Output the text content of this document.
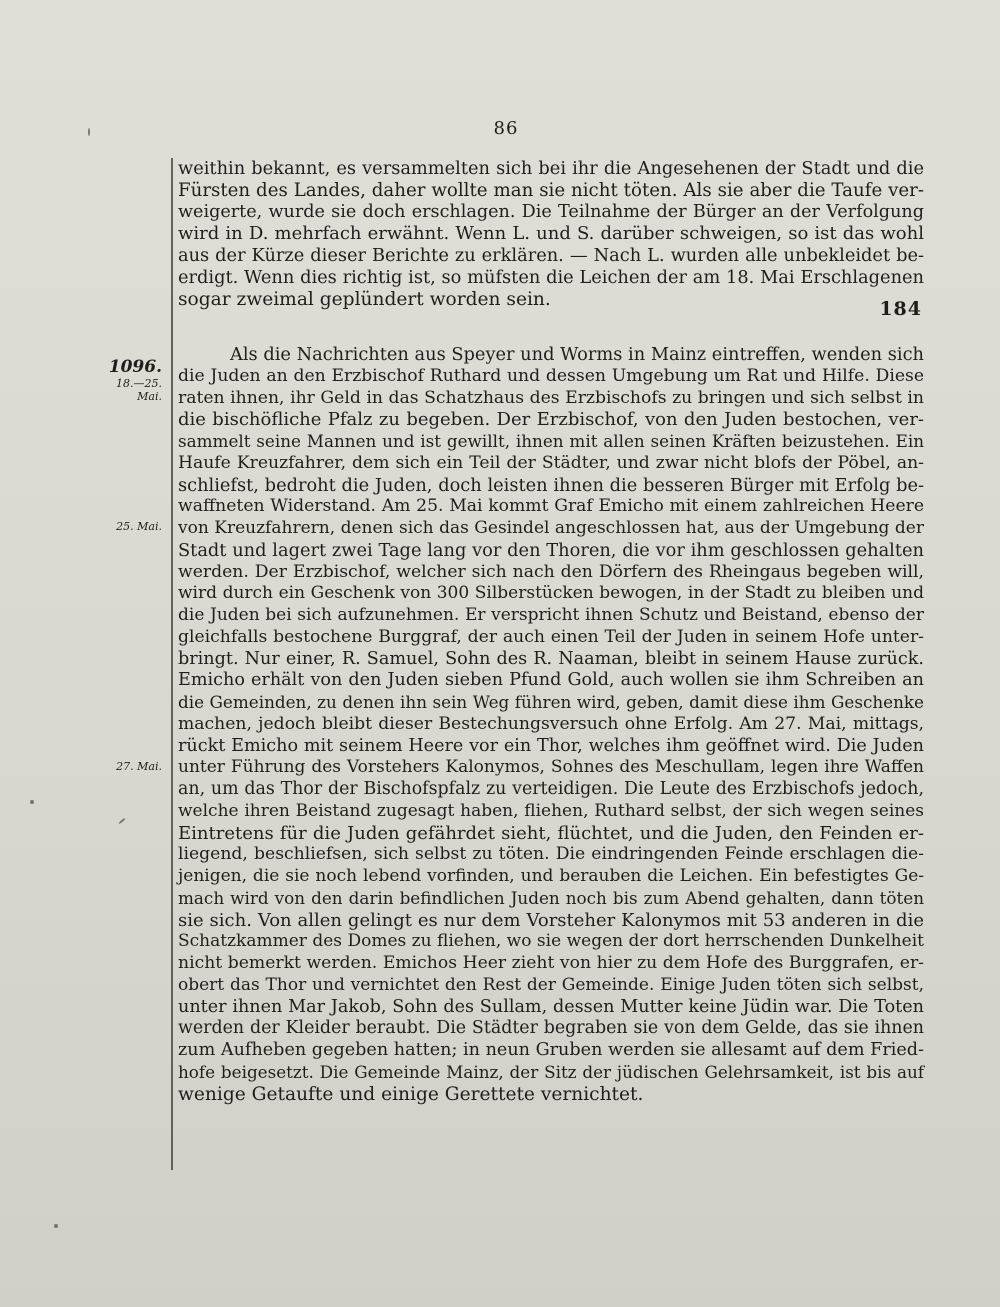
86
184
1096.
18.—25.
Mai.
25. Mai.
27. Mai.
weithin bekannt, es versammelten sich bei ihr die Angesehenen der Stadt und die
Fürsten des Landes, daher wollte man sie nicht töten. Als sie aber die Taufe ver-
weigerte, wurde sie doch erschlagen. Die Teilnahme der Bürger an der Verfolgung
wird in D. mehrfach erwähnt. Wenn L. und S. darüber schweigen, so ist das wohl
aus der Kürze dieser Berichte zu erklären. — Nach L. wurden alle unbekleidet be-
erdigt. Wenn dies richtig ist, so müfsten die Leichen der am 18. Mai Erschlagenen
sogar zweimal geplündert worden sein.
Als die Nachrichten aus Speyer und Worms in Mainz eintreffen, wenden sich
die Juden an den Erzbischof Ruthard und dessen Umgebung um Rat und Hilfe. Diese
raten ihnen, ihr Geld in das Schatzhaus des Erzbischofs zu bringen und sich selbst in
die bischöfliche Pfalz zu begeben. Der Erzbischof, von den Juden bestochen, ver-
sammelt seine Mannen und ist gewillt, ihnen mit allen seinen Kräften beizustehen. Ein
Haufe Kreuzfahrer, dem sich ein Teil der Städter, und zwar nicht blofs der Pöbel, an-
schliefst, bedroht die Juden, doch leisten ihnen die besseren Bürger mit Erfolg be-
waffneten Widerstand. Am 25. Mai kommt Graf Emicho mit einem zahlreichen Heere
von Kreuzfahrern, denen sich das Gesindel angeschlossen hat, aus der Umgebung der
Stadt und lagert zwei Tage lang vor den Thoren, die vor ihm geschlossen gehalten
werden. Der Erzbischof, welcher sich nach den Dörfern des Rheingaus begeben will,
wird durch ein Geschenk von 300 Silberstücken bewogen, in der Stadt zu bleiben und
die Juden bei sich aufzunehmen. Er verspricht ihnen Schutz und Beistand, ebenso der
gleichfalls bestochene Burggraf, der auch einen Teil der Juden in seinem Hofe unter-
bringt. Nur einer, R. Samuel, Sohn des R. Naaman, bleibt in seinem Hause zurück.
Emicho erhält von den Juden sieben Pfund Gold, auch wollen sie ihm Schreiben an
die Gemeinden, zu denen ihn sein Weg führen wird, geben, damit diese ihm Geschenke
machen, jedoch bleibt dieser Bestechungsversuch ohne Erfolg. Am 27. Mai, mittags,
rückt Emicho mit seinem Heere vor ein Thor, welches ihm geöffnet wird. Die Juden
unter Führung des Vorstehers Kalonymos, Sohnes des Meschullam, legen ihre Waffen
an, um das Thor der Bischofspfalz zu verteidigen. Die Leute des Erzbischofs jedoch,
welche ihren Beistand zugesagt haben, fliehen, Ruthard selbst, der sich wegen seines
Eintretens für die Juden gefährdet sieht, flüchtet, und die Juden, den Feinden er-
liegend, beschliefsen, sich selbst zu töten. Die eindringenden Feinde erschlagen die-
jenigen, die sie noch lebend vorfinden, und berauben die Leichen. Ein befestigtes Ge-
mach wird von den darin befindlichen Juden noch bis zum Abend gehalten, dann töten
sie sich. Von allen gelingt es nur dem Vorsteher Kalonymos mit 53 anderen in die
Schatzkammer des Domes zu fliehen, wo sie wegen der dort herrschenden Dunkelheit
nicht bemerkt werden. Emichos Heer zieht von hier zu dem Hofe des Burggrafen, er-
obert das Thor und vernichtet den Rest der Gemeinde. Einige Juden töten sich selbst,
unter ihnen Mar Jakob, Sohn des Sullam, dessen Mutter keine Jüdin war. Die Toten
werden der Kleider beraubt. Die Städter begraben sie von dem Gelde, das sie ihnen
zum Aufheben gegeben hatten; in neun Gruben werden sie allesamt auf dem Fried-
hofe beigesetzt. Die Gemeinde Mainz, der Sitz der jüdischen Gelehrsamkeit, ist bis auf
wenige Getaufte und einige Gerettete vernichtet.
